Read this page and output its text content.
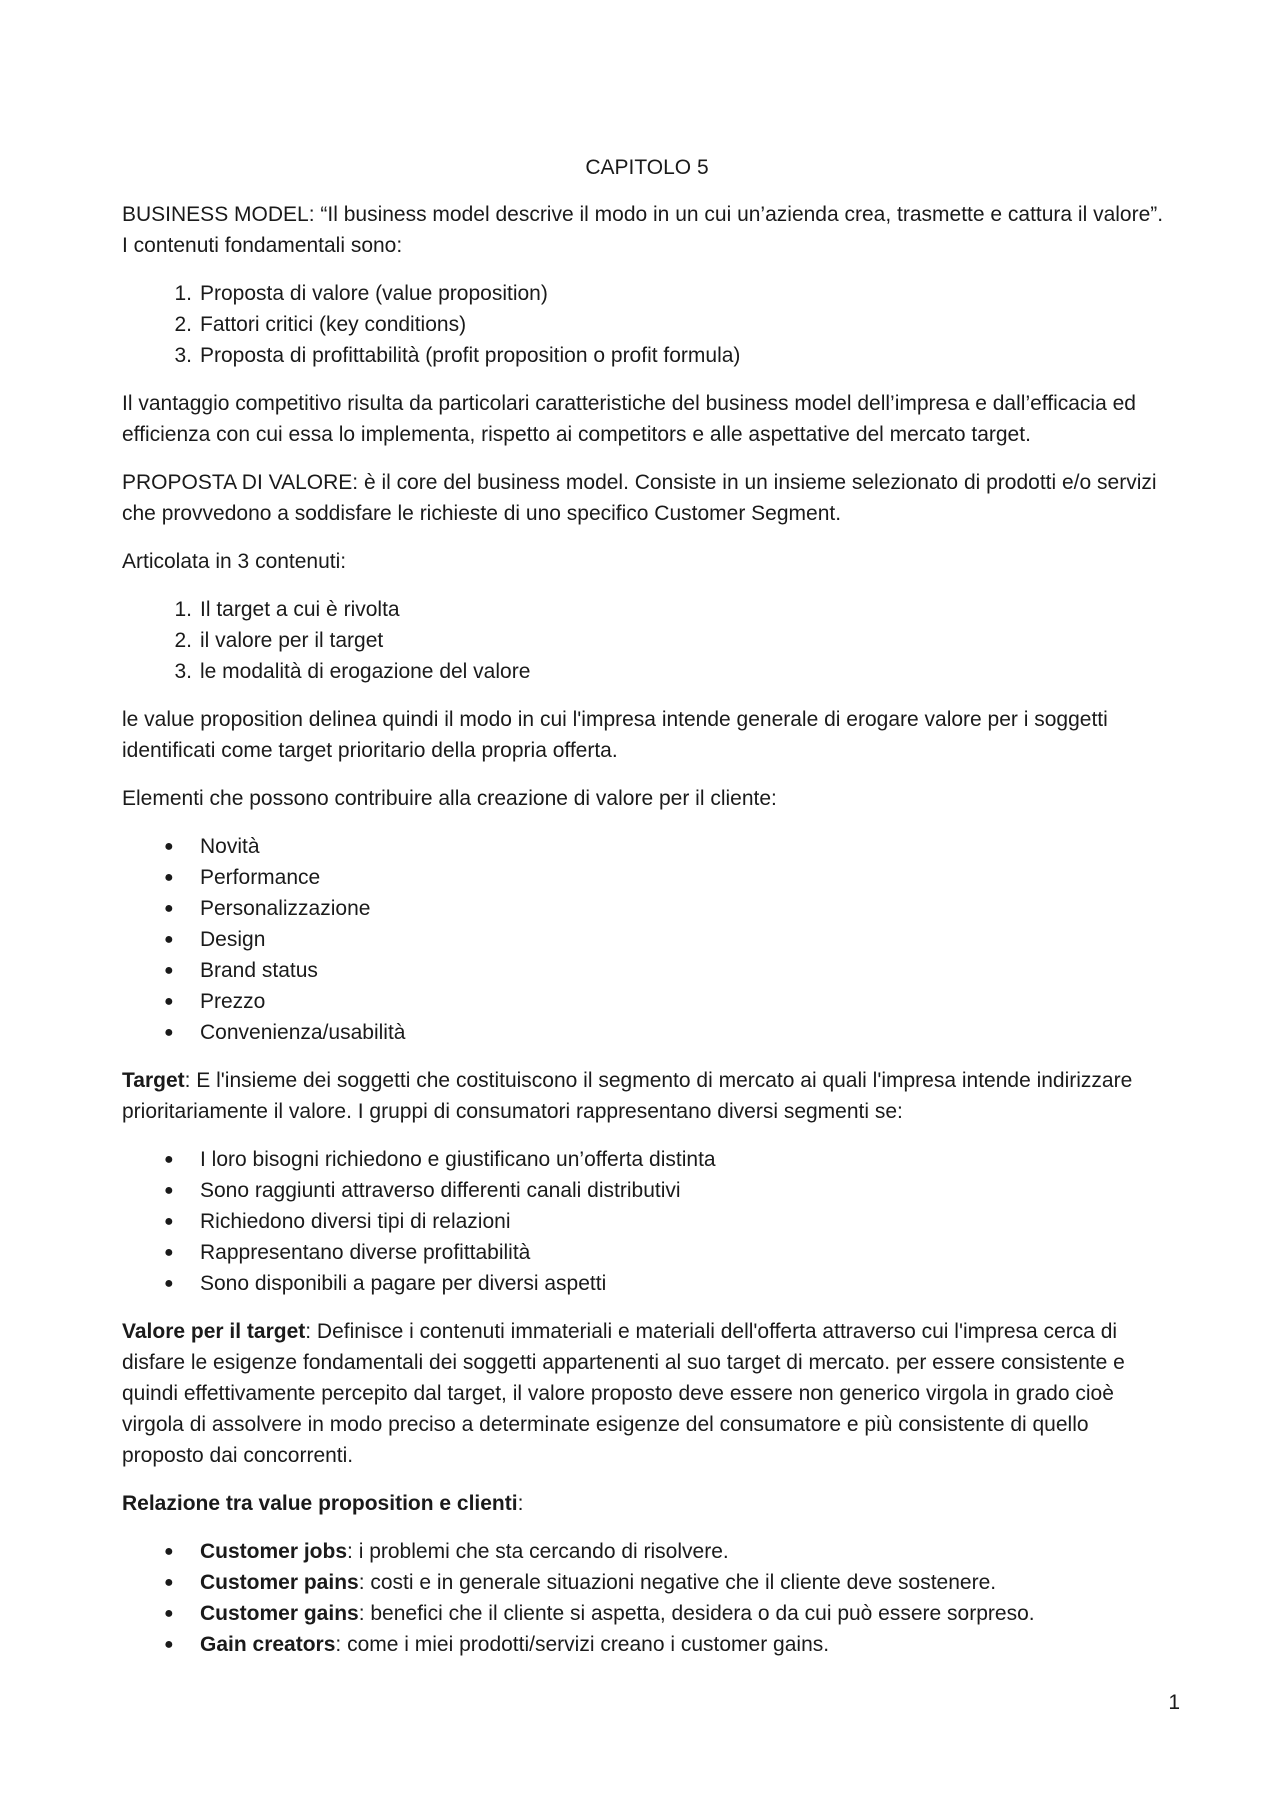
CAPITOLO 5

BUSINESS MODEL: “Il business model descrive il modo in un cui un’azienda crea, trasmette e cattura il valore”. I contenuti fondamentali sono:

1. Proposta di valore (value proposition)
2. Fattori critici (key conditions)
3. Proposta di profittabilità (profit proposition o profit formula)

Il vantaggio competitivo risulta da particolari caratteristiche del business model dell’impresa e dall’efficacia ed efficienza con cui essa lo implementa, rispetto ai competitors e alle aspettative del mercato target.

PROPOSTA DI VALORE: è il core del business model. Consiste in un insieme selezionato di prodotti e/o servizi che provvedono a soddisfare le richieste di uno specifico Customer Segment.

Articolata in 3 contenuti:

1. Il target a cui è rivolta
2. il valore per il target
3. le modalità di erogazione del valore

le value proposition delinea quindi il modo in cui l'impresa intende generale di erogare valore per i soggetti identificati come target prioritario della propria offerta.

Elementi che possono contribuire alla creazione di valore per il cliente:

● Novità
● Performance
● Personalizzazione
● Design
● Brand status
● Prezzo
● Convenienza/usabilità

Target: E l'insieme dei soggetti che costituiscono il segmento di mercato ai quali l'impresa intende indirizzare prioritariamente il valore. I gruppi di consumatori rappresentano diversi segmenti se:

● I loro bisogni richiedono e giustificano un’offerta distinta
● Sono raggiunti attraverso differenti canali distributivi
● Richiedono diversi tipi di relazioni
● Rappresentano diverse profittabilità
● Sono disponibili a pagare per diversi aspetti

Valore per il target: Definisce i contenuti immateriali e materiali dell'offerta attraverso cui l'impresa cerca di disfare le esigenze fondamentali dei soggetti appartenenti al suo target di mercato. per essere consistente e quindi effettivamente percepito dal target, il valore proposto deve essere non generico virgola in grado cioè virgola di assolvere in modo preciso a determinate esigenze del consumatore e più consistente di quello proposto dai concorrenti.

Relazione tra value proposition e clienti:

● Customer jobs: i problemi che sta cercando di risolvere.
● Customer pains: costi e in generale situazioni negative che il cliente deve sostenere.
● Customer gains: benefici che il cliente si aspetta, desidera o da cui può essere sorpreso.
● Gain creators: come i miei prodotti/servizi creano i customer gains.
1
